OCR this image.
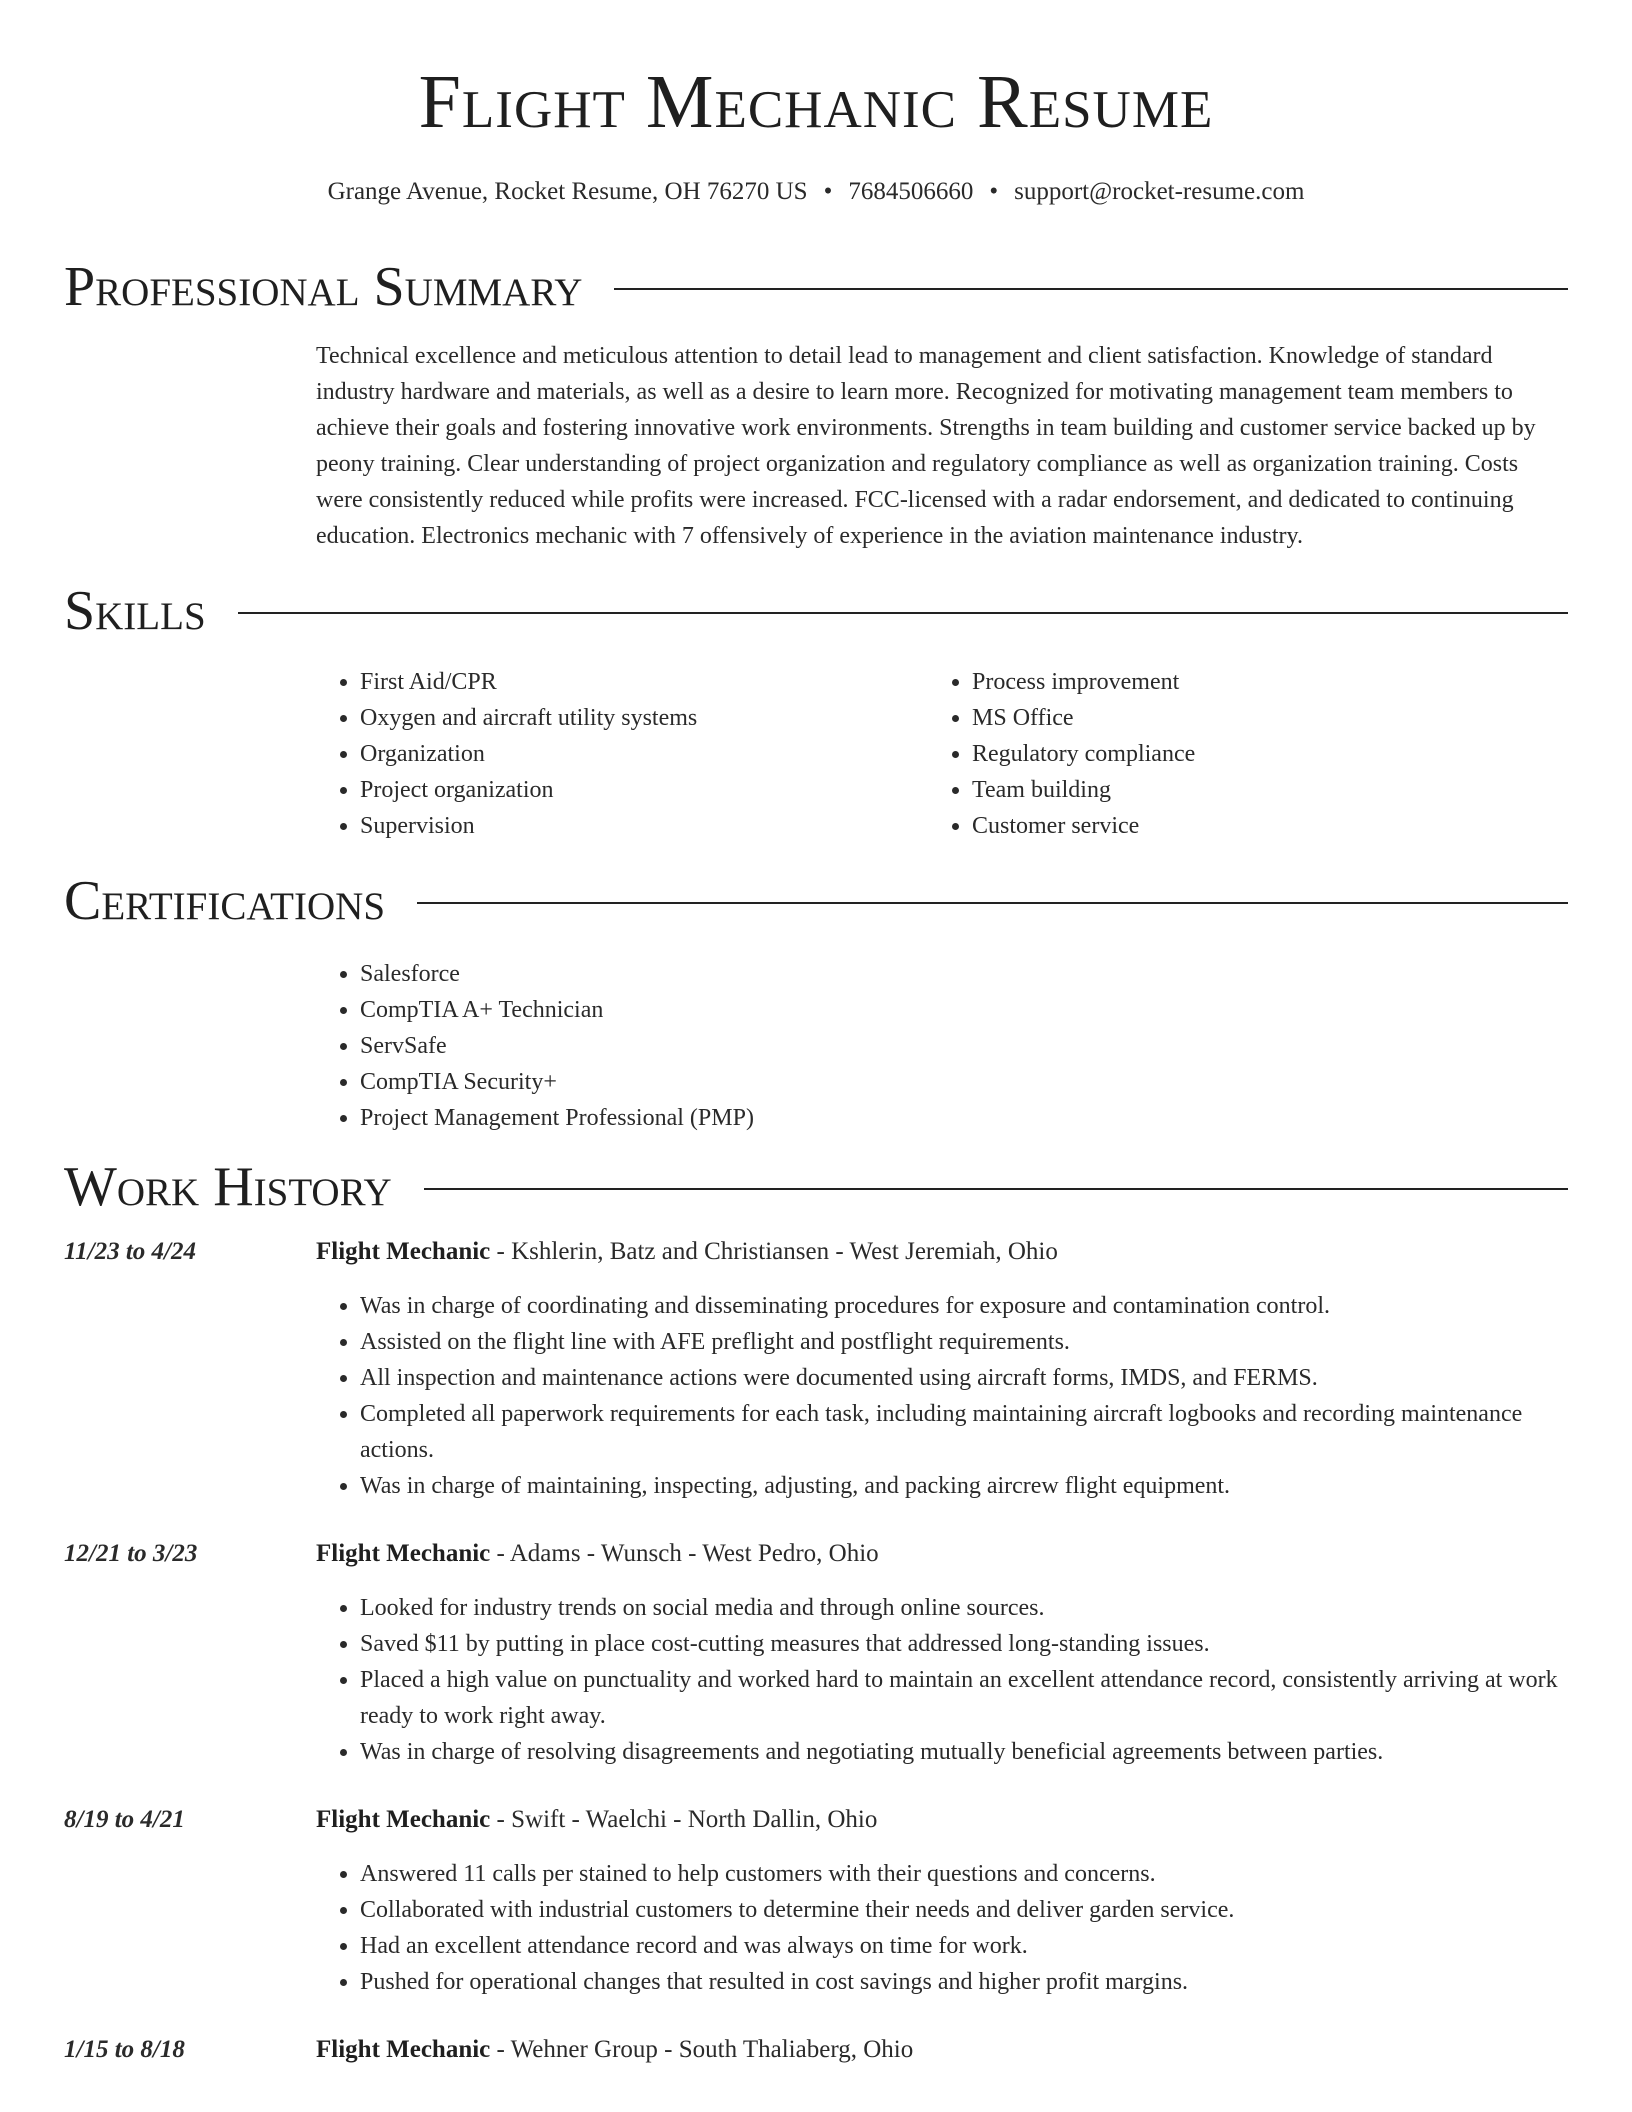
Flight Mechanic Resume
Grange Avenue, Rocket Resume, OH 76270 US • 7684506660 • support@rocket-resume.com
Professional Summary

Technical excellence and meticulous attention to detail lead to management and client satisfaction. Knowledge of standard industry hardware and materials, as well as a desire to learn more. Recognized for motivating management team members to achieve their goals and fostering innovative work environments. Strengths in team building and customer service backed up by peony training. Clear understanding of project organization and regulatory compliance as well as organization training. Costs were consistently reduced while profits were increased. FCC-licensed with a radar endorsement, and dedicated to continuing education. Electronics mechanic with 7 offensively of experience in the aviation maintenance industry.

Skills
• First Aid/CPR
• Oxygen and aircraft utility systems
• Organization
• Project organization
• Supervision
• Process improvement
• MS Office
• Regulatory compliance
• Team building
• Customer service
Certifications
• Salesforce
• CompTIA A+ Technician
• ServSafe
• CompTIA Security+
• Project Management Professional (PMP)
Work History
11/23 to 4/24	Flight Mechanic - Kshlerin, Batz and Christiansen - West Jeremiah, Ohio
• Was in charge of coordinating and disseminating procedures for exposure and contamination control.
• Assisted on the flight line with AFE preflight and postflight requirements.
• All inspection and maintenance actions were documented using aircraft forms, IMDS, and FERMS.
• Completed all paperwork requirements for each task, including maintaining aircraft logbooks and recording maintenance actions.
• Was in charge of maintaining, inspecting, adjusting, and packing aircrew flight equipment.
12/21 to 3/23	Flight Mechanic - Adams - Wunsch - West Pedro, Ohio
• Looked for industry trends on social media and through online sources.
• Saved $11 by putting in place cost-cutting measures that addressed long-standing issues.
• Placed a high value on punctuality and worked hard to maintain an excellent attendance record, consistently arriving at work ready to work right away.
• Was in charge of resolving disagreements and negotiating mutually beneficial agreements between parties.
8/19 to 4/21	Flight Mechanic - Swift - Waelchi - North Dallin, Ohio
• Answered 11 calls per stained to help customers with their questions and concerns.
• Collaborated with industrial customers to determine their needs and deliver garden service.
• Had an excellent attendance record and was always on time for work.
• Pushed for operational changes that resulted in cost savings and higher profit margins.
1/15 to 8/18	Flight Mechanic - Wehner Group - South Thaliaberg, Ohio
